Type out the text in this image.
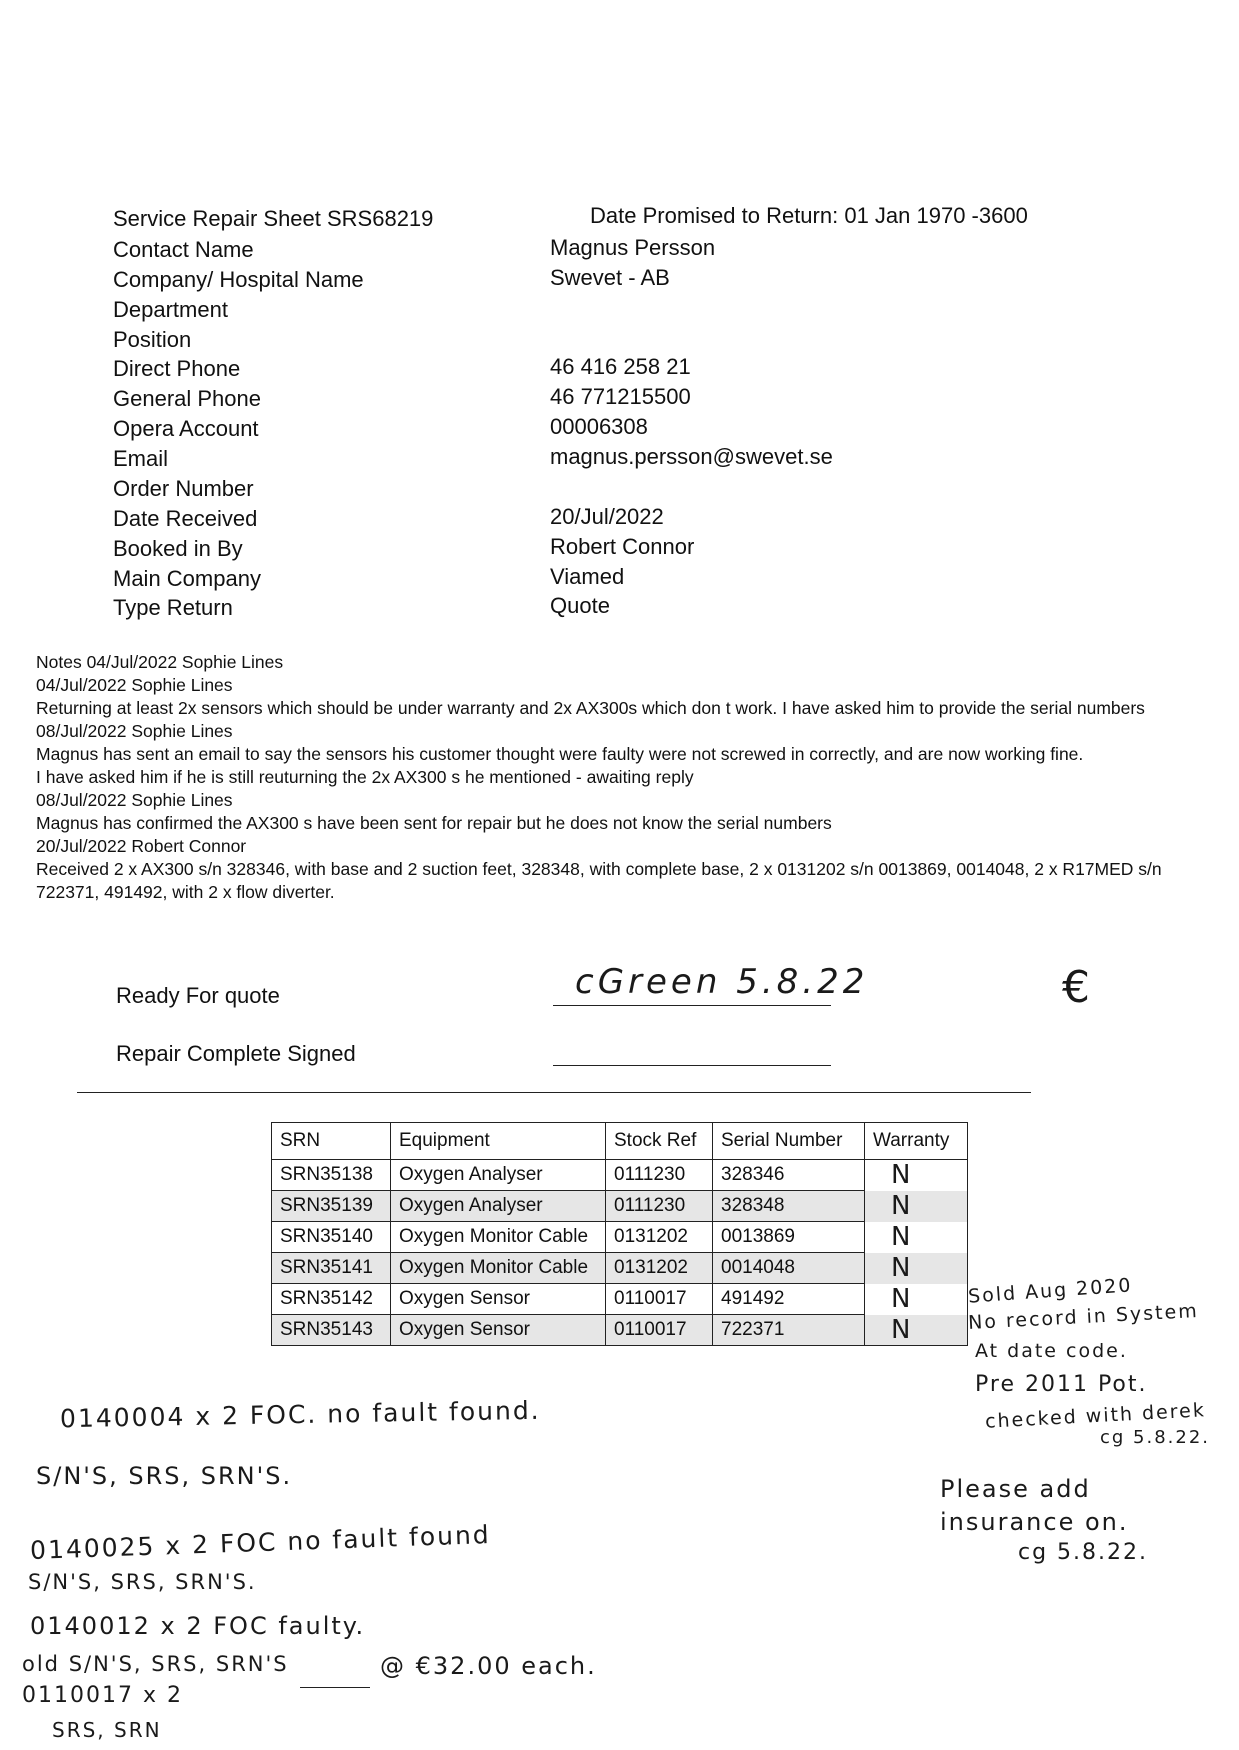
Service Repair Sheet SRS68219	Date Promised to Return: 01 Jan 1970 -3600
Contact Name	Magnus Persson
Company/ Hospital Name	Swevet - AB
Department
Position
Direct Phone	46 416 258 21
General Phone	46 771215500
Opera Account	00006308
Email	magnus.persson@swevet.se
Order Number
Date Received	20/Jul/2022
Booked in By	Robert Connor
Main Company	Viamed
Type Return	Quote

Notes 04/Jul/2022 Sophie Lines

04/Jul/2022 Sophie Lines

Returning at least 2x sensors which should be under warranty and 2x AX300s which don t work. I have asked him to provide the serial numbers

08/Jul/2022 Sophie Lines

Magnus has sent an email to say the sensors his customer thought were faulty were not screwed in correctly, and are now working fine.

I have asked him if he is still reuturning the 2x AX300 s he mentioned - awaiting reply

08/Jul/2022 Sophie Lines

Magnus has confirmed the AX300 s have been sent for repair but he does not know the serial numbers

20/Jul/2022 Robert Connor

Received 2 x AX300 s/n 328346, with base and 2 suction feet, 328348, with complete base, 2 x 0131202 s/n 0013869, 0014048, 2 x R17MED s/n 722371, 491492, with 2 x flow diverter.

Ready For quote	cGreen 5.8.22	€
Repair Complete Signed
SRN	Equipment	Stock Ref	Serial Number	Warranty
SRN35138	Oxygen Analyser	0111230	328346	N
SRN35139	Oxygen Analyser	0111230	328348	N
SRN35140	Oxygen Monitor Cable	0131202	0013869	N
SRN35141	Oxygen Monitor Cable	0131202	0014048	N
SRN35142	Oxygen Sensor	0110017	491492	N
SRN35143	Oxygen Sensor	0110017	722371	N
Sold Aug 2020
No record in System
At date code.
Pre 2011 Pot.
checked with derek
cg 5.8.22.
Please add
insurance on.
cg 5.8.22.
0140004 x 2 FOC. no fault found.
S/N'S, SRS, SRN'S.
0140025 x 2 FOC no fault found
S/N'S, SRS, SRN'S.
0140012 x 2 FOC faulty.
old S/N'S, SRS, SRN'S
0110017 x 2
@ €32.00 each.
SRS, SRN
